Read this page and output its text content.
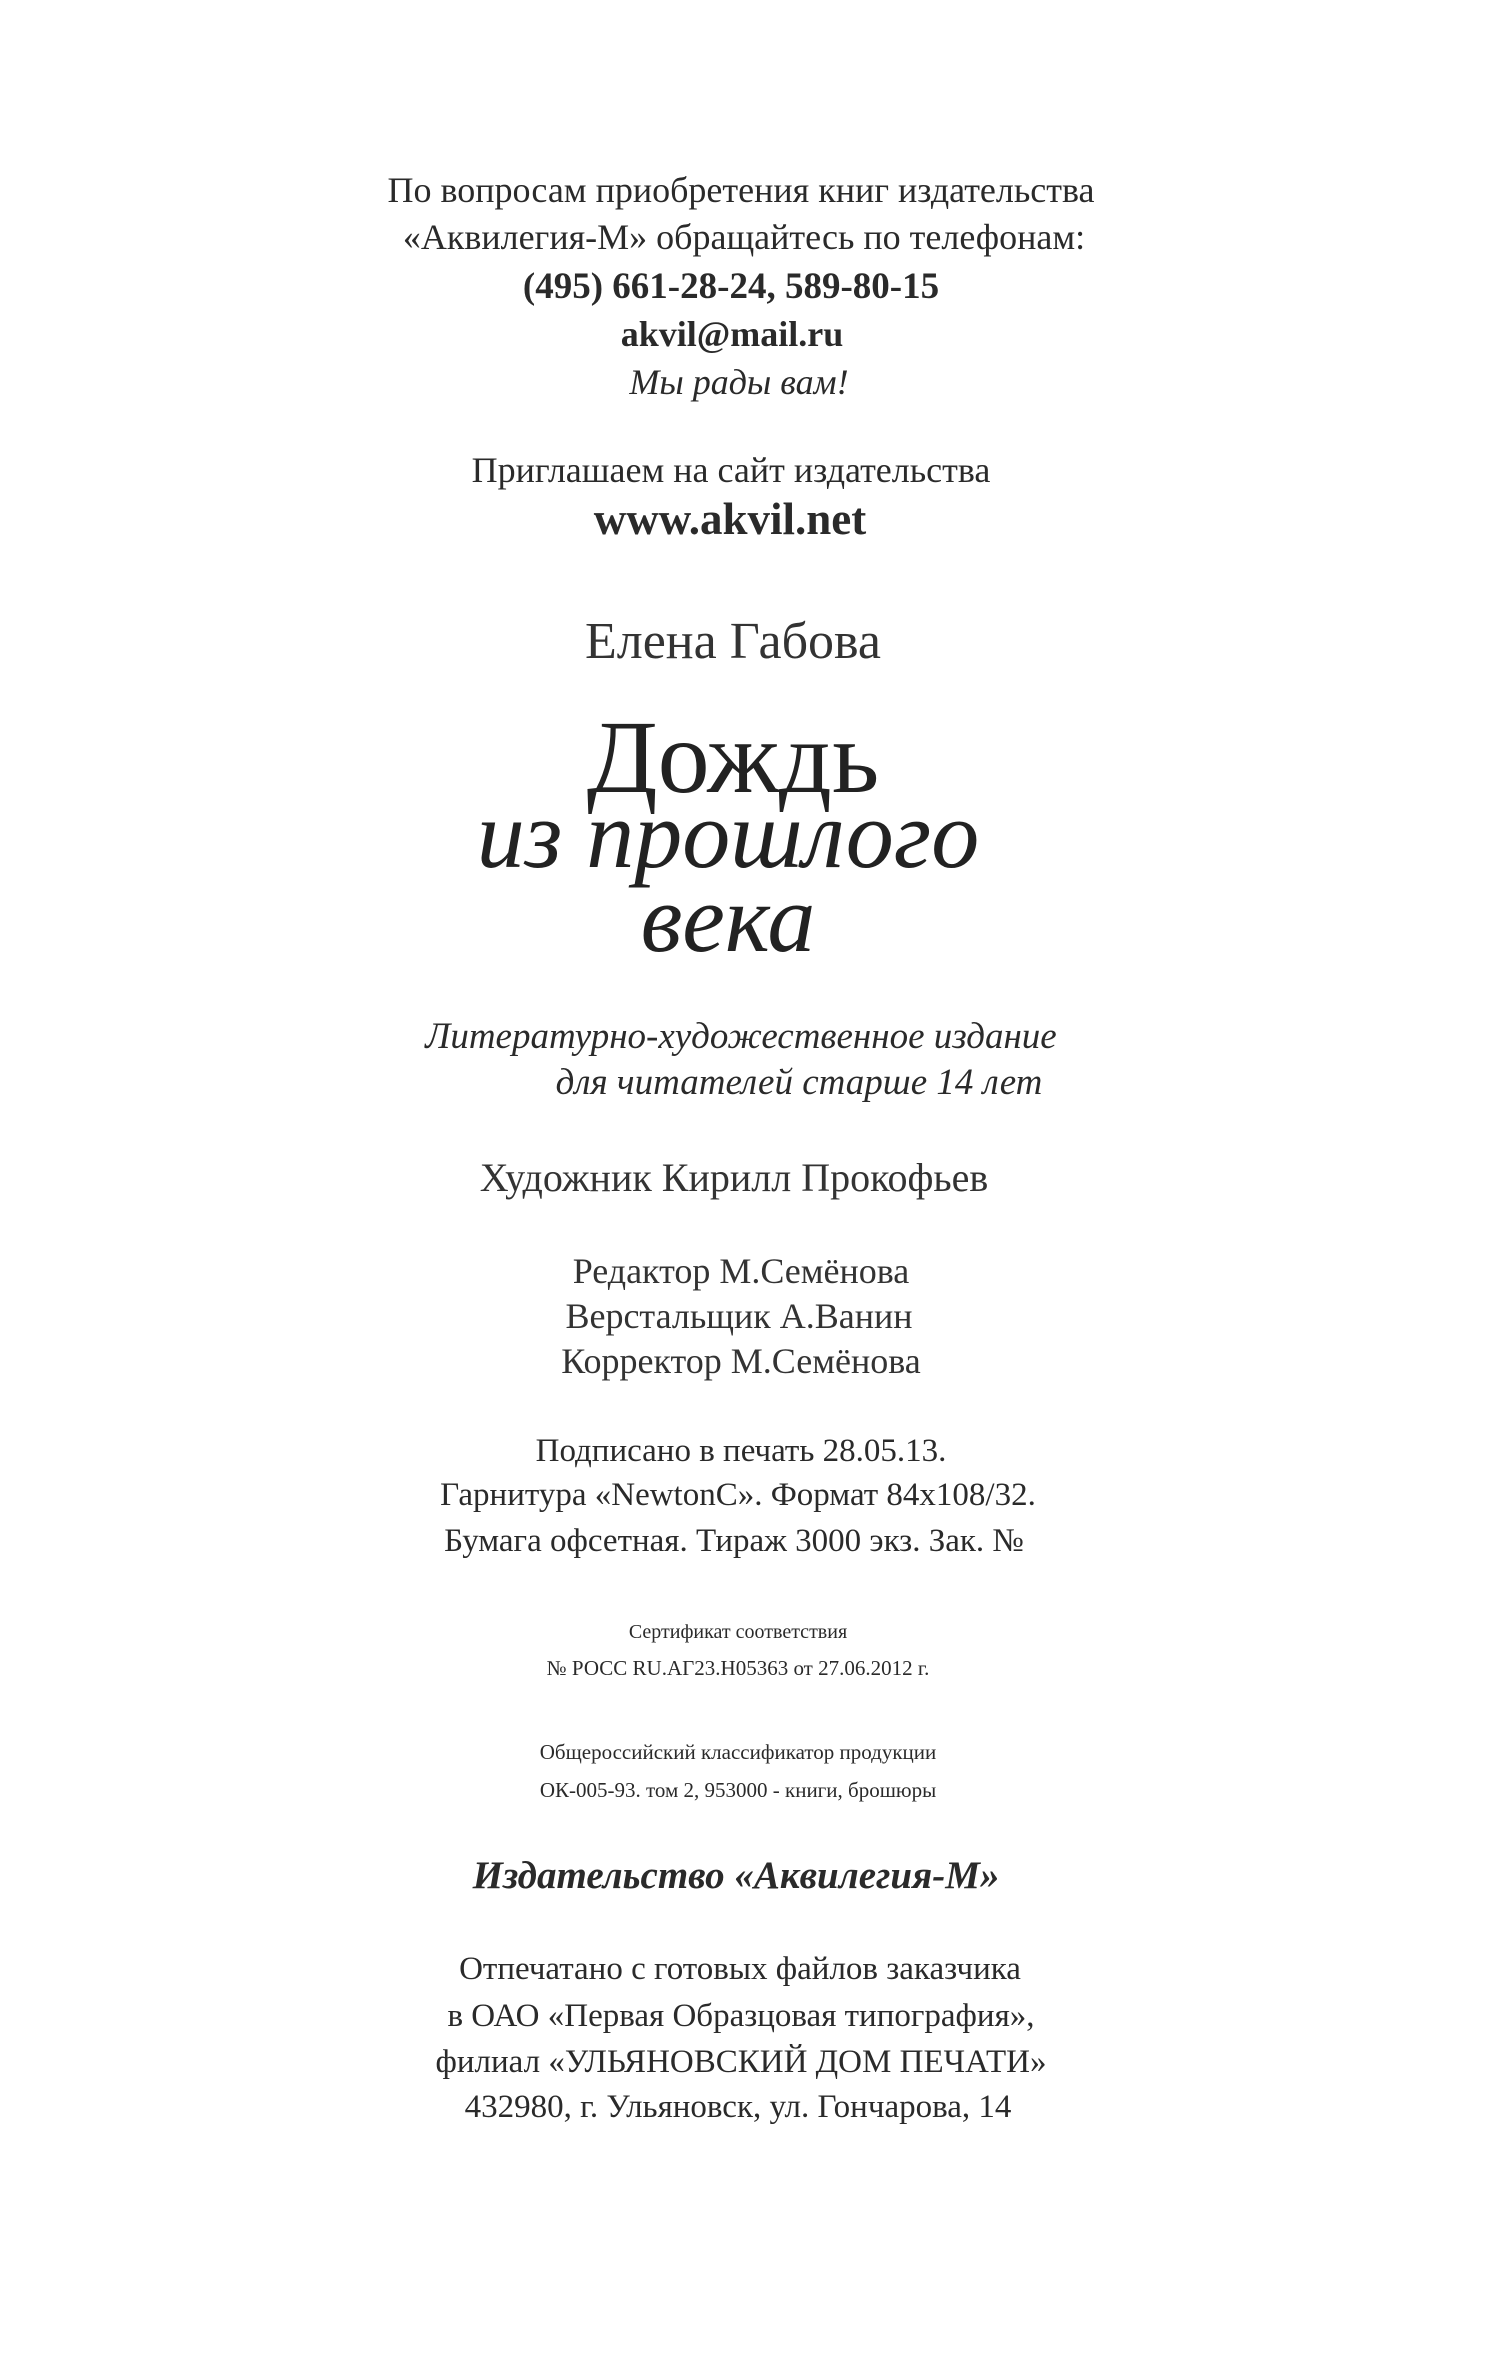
По вопросам приобретения книг издательства
«Аквилегия-М» обращайтесь по телефонам:
(495) 661-28-24, 589-80-15
akvil@mail.ru
Мы рады вам!
Приглашаем на сайт издательства
www.akvil.net
Елена Габова
Дождь
из прошлого
века
Литературно-художественное издание
для читателей старше 14 лет
Художник Кирилл Прокофьев
Редактор М.Семёнова
Верстальщик А.Ванин
Корректор М.Семёнова
Подписано в печать 28.05.13.
Гарнитура «NewtonC». Формат 84х108/32.
Бумага офсетная. Тираж 3000 экз. Зак. №
Сертификат соответствия
№ РОСС RU.АГ23.Н05363 от 27.06.2012 г.
Общероссийский классификатор продукции
ОК-005-93. том 2, 953000 - книги, брошюры
Издательство «Аквилегия-М»
Отпечатано с готовых файлов заказчика
в ОАО «Первая Образцовая типография»,
филиал «УЛЬЯНОВСКИЙ ДОМ ПЕЧАТИ»
432980, г. Ульяновск, ул. Гончарова, 14
